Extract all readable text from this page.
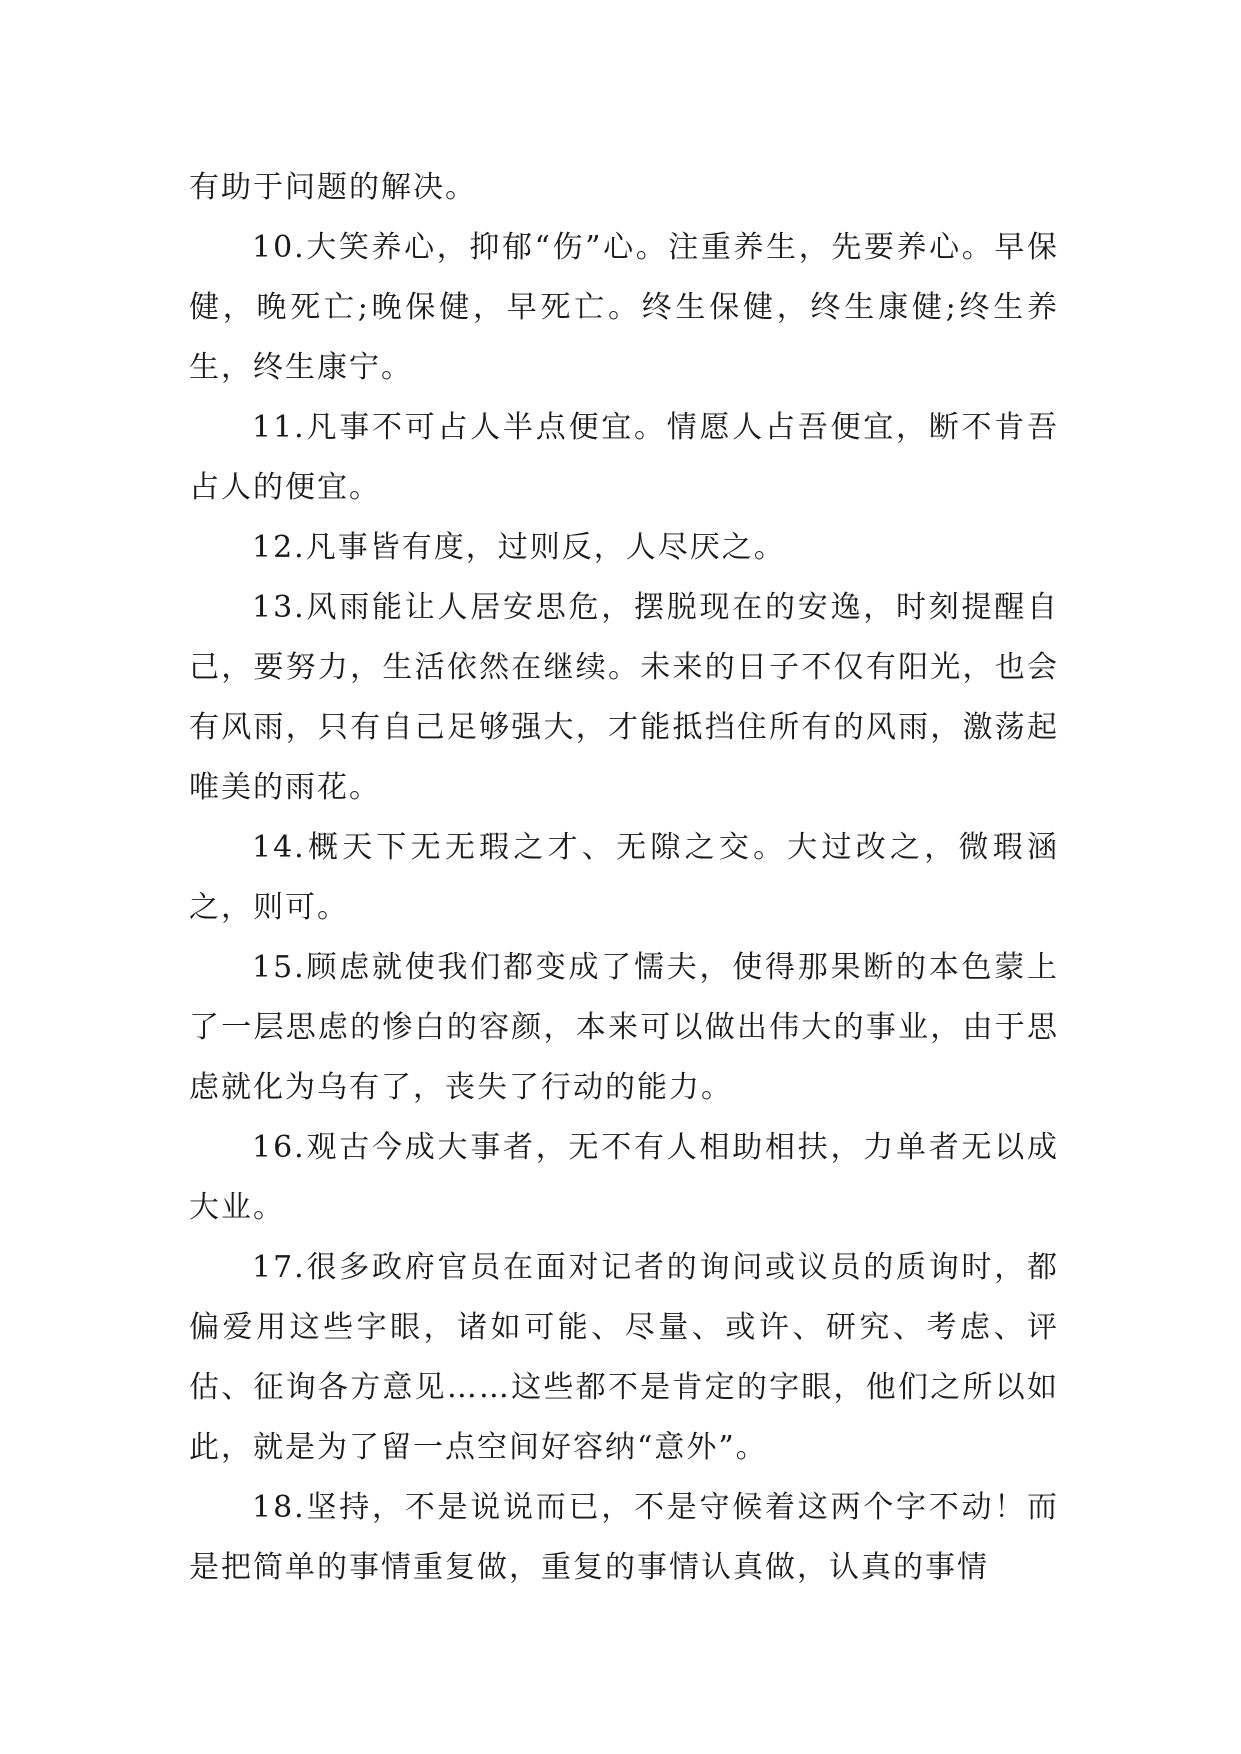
有助于问题的解决。

10.大笑养心，抑郁“伤”心。注重养生，先要养心。早保健，晚死亡;晚保健，早死亡。终生保健，终生康健;终生养生，终生康宁。

11.凡事不可占人半点便宜。情愿人占吾便宜，断不肯吾占人的便宜。

12.凡事皆有度，过则反，人尽厌之。

13.风雨能让人居安思危，摆脱现在的安逸，时刻提醒自己，要努力，生活依然在继续。未来的日子不仅有阳光，也会有风雨，只有自己足够强大，才能抵挡住所有的风雨，激荡起唯美的雨花。

14.概天下无无瑕之才、无隙之交。大过改之，微瑕涵之，则可。

15.顾虑就使我们都变成了懦夫，使得那果断的本色蒙上了一层思虑的惨白的容颜，本来可以做出伟大的事业，由于思虑就化为乌有了，丧失了行动的能力。

16.观古今成大事者，无不有人相助相扶，力单者无以成大业。

17.很多政府官员在面对记者的询问或议员的质询时，都偏爱用这些字眼，诸如可能、尽量、或许、研究、考虑、评估、征询各方意见……这些都不是肯定的字眼，他们之所以如此，就是为了留一点空间好容纳“意外”。

18.坚持，不是说说而已，不是守候着这两个字不动！而是把简单的事情重复做，重复的事情认真做，认真的事情
